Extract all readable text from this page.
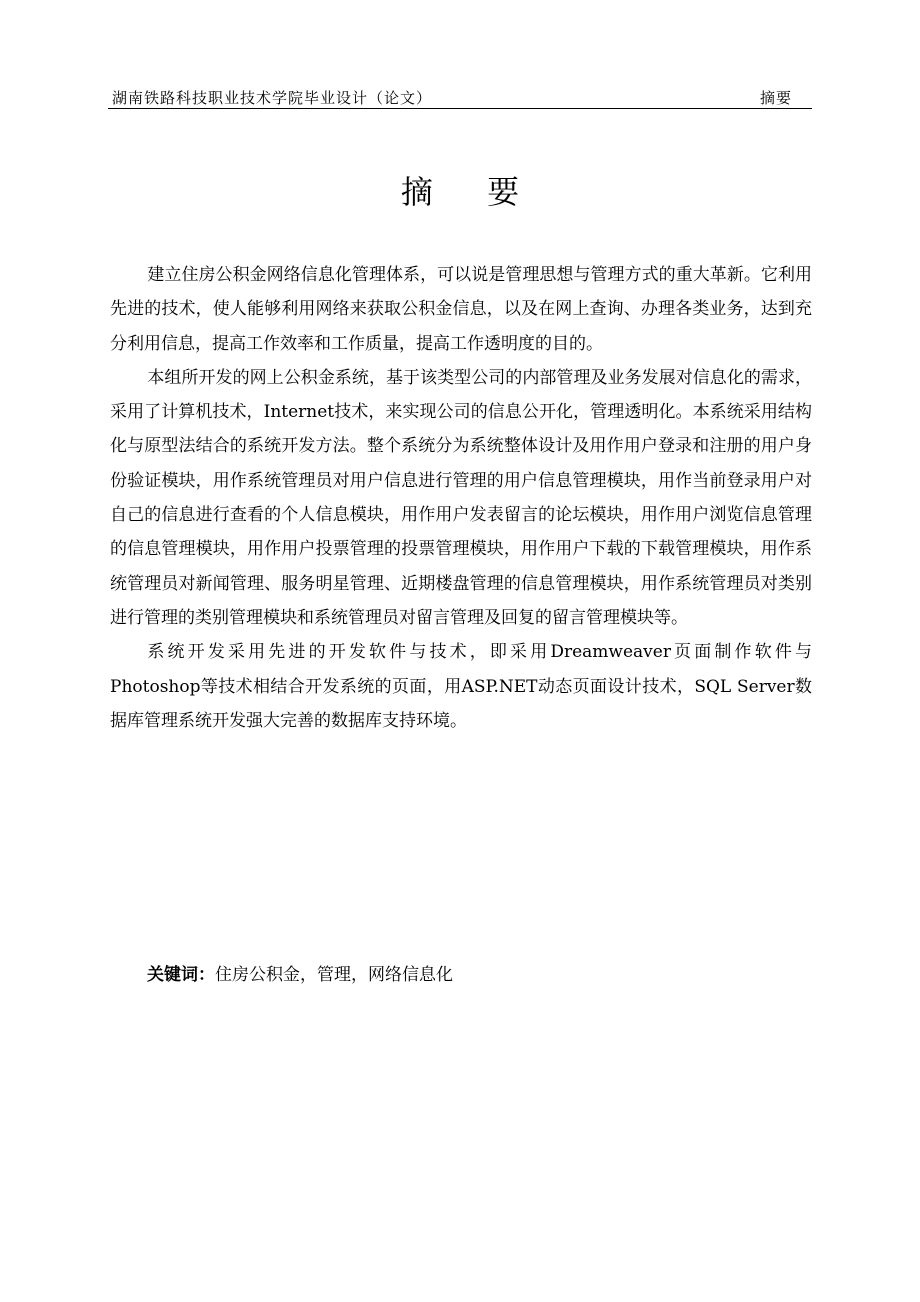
湖南铁路科技职业技术学院毕业设计（论文）	摘要
摘 要

建立住房公积金网络信息化管理体系，可以说是管理思想与管理方式的重大革新。它利用先进的技术，使人能够利用网络来获取公积金信息，以及在网上查询、办理各类业务，达到充分利用信息，提高工作效率和工作质量，提高工作透明度的目的。

本组所开发的网上公积金系统，基于该类型公司的内部管理及业务发展对信息化的需求，采用了计算机技术，Internet技术，来实现公司的信息公开化，管理透明化。本系统采用结构化与原型法结合的系统开发方法。整个系统分为系统整体设计及用作用户登录和注册的用户身份验证模块，用作系统管理员对用户信息进行管理的用户信息管理模块，用作当前登录用户对自己的信息进行查看的个人信息模块，用作用户发表留言的论坛模块，用作用户浏览信息管理的信息管理模块，用作用户投票管理的投票管理模块，用作用户下载的下载管理模块，用作系统管理员对新闻管理、服务明星管理、近期楼盘管理的信息管理模块，用作系统管理员对类别进行管理的类别管理模块和系统管理员对留言管理及回复的留言管理模块等。

系统开发采用先进的开发软件与技术，即采用Dreamweaver页面制作软件与Photoshop等技术相结合开发系统的页面，用ASP.NET动态页面设计技术，SQL Server数据库管理系统开发强大完善的数据库支持环境。

关键词：住房公积金，管理，网络信息化
